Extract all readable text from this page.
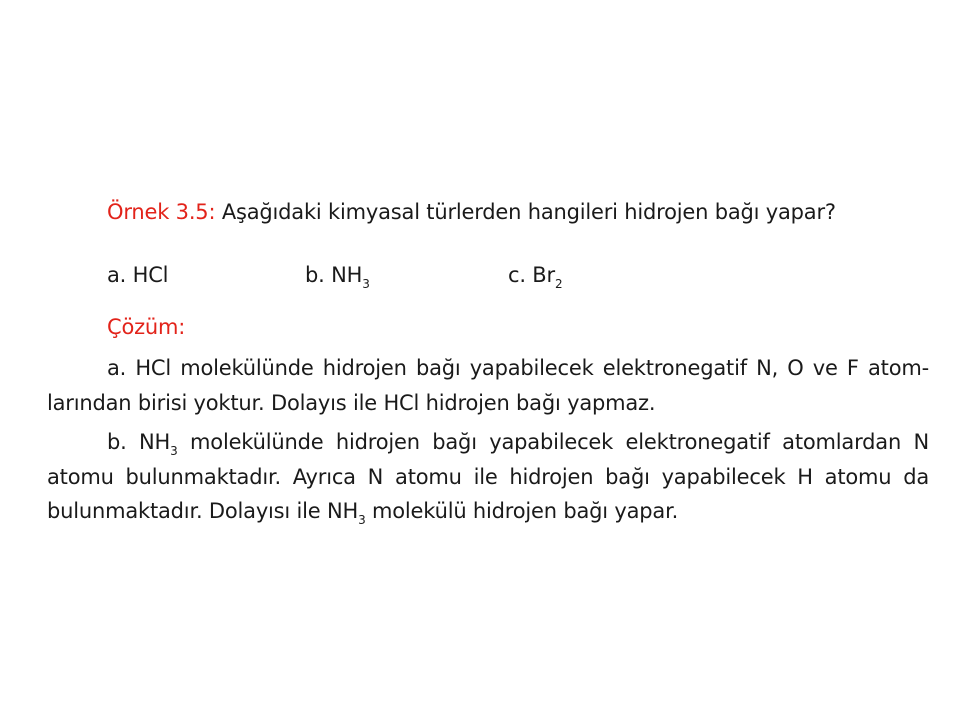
Örnek 3.5: Aşağıdaki kimyasal türlerden hangileri hidrojen bağı yapar?
a. HCl	b. $NH_3$	c. $Br_2$
Çözüm:
a. HCl molekülünde hidrojen bağı yapabilecek elektronegatif N, O ve F atom-
larından birisi yoktur. Dolayıs ile HCl hidrojen bağı yapmaz.
b. $NH_3$ molekülünde hidrojen bağı yapabilecek elektronegatif atomlardan N
atomu bulunmaktadır. Ayrıca N atomu ile hidrojen bağı yapabilecek H atomu da
bulunmaktadır. Dolayısı ile $NH_3$ molekülü hidrojen bağı yapar.
